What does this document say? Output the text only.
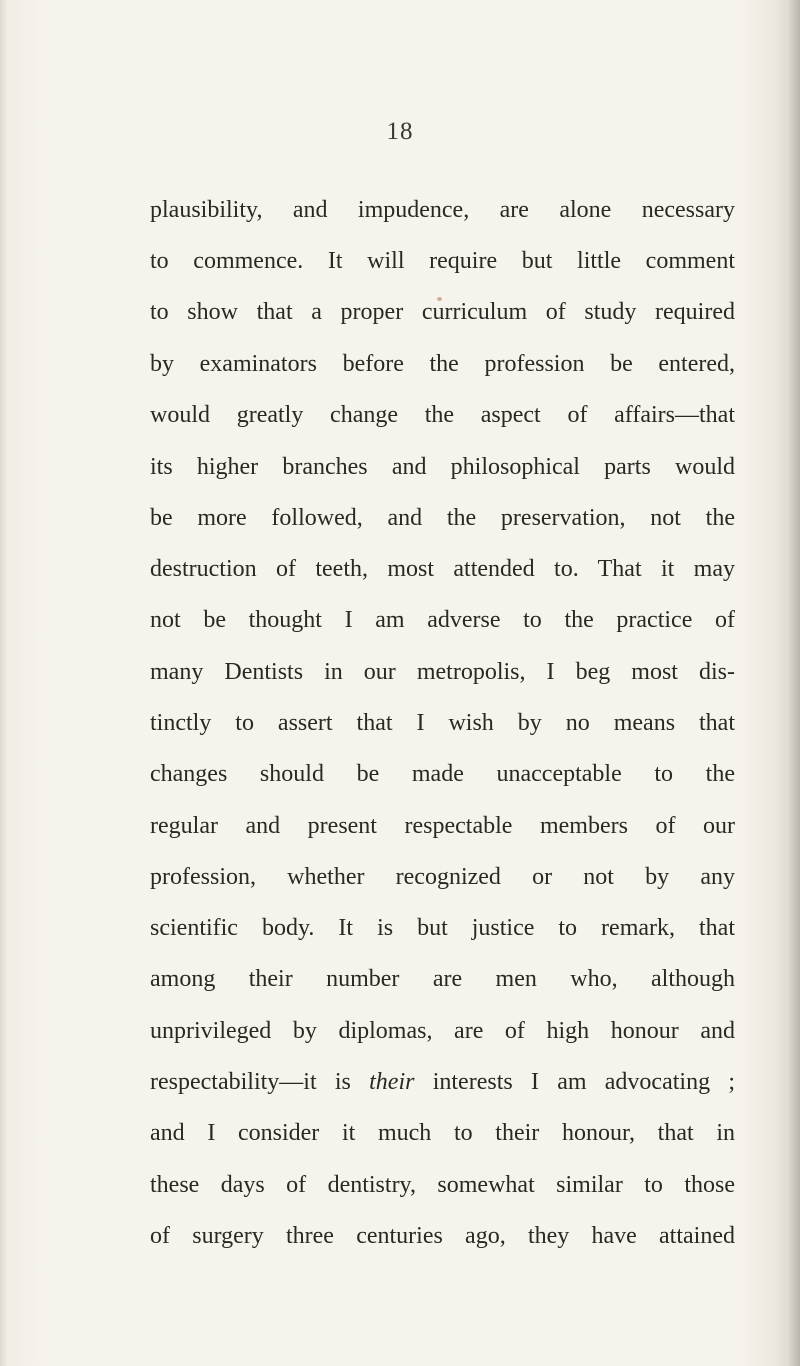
18
plausibility, and impudence, are alone necessary
to commence. It will require but little comment
to show that a proper curriculum of study required
by examinators before the profession be entered,
would greatly change the aspect of affairs—that
its higher branches and philosophical parts would
be more followed, and the preservation, not the
destruction of teeth, most attended to. That it may
not be thought I am adverse to the practice of
many Dentists in our metropolis, I beg most dis-
tinctly to assert that I wish by no means that
changes should be made unacceptable to the
regular and present respectable members of our
profession, whether recognized or not by any
scientific body. It is but justice to remark, that
among their number are men who, although
unprivileged by diplomas, are of high honour and
respectability—it is their interests I am advocating ;
and I consider it much to their honour, that in
these days of dentistry, somewhat similar to those
of surgery three centuries ago, they have attained
